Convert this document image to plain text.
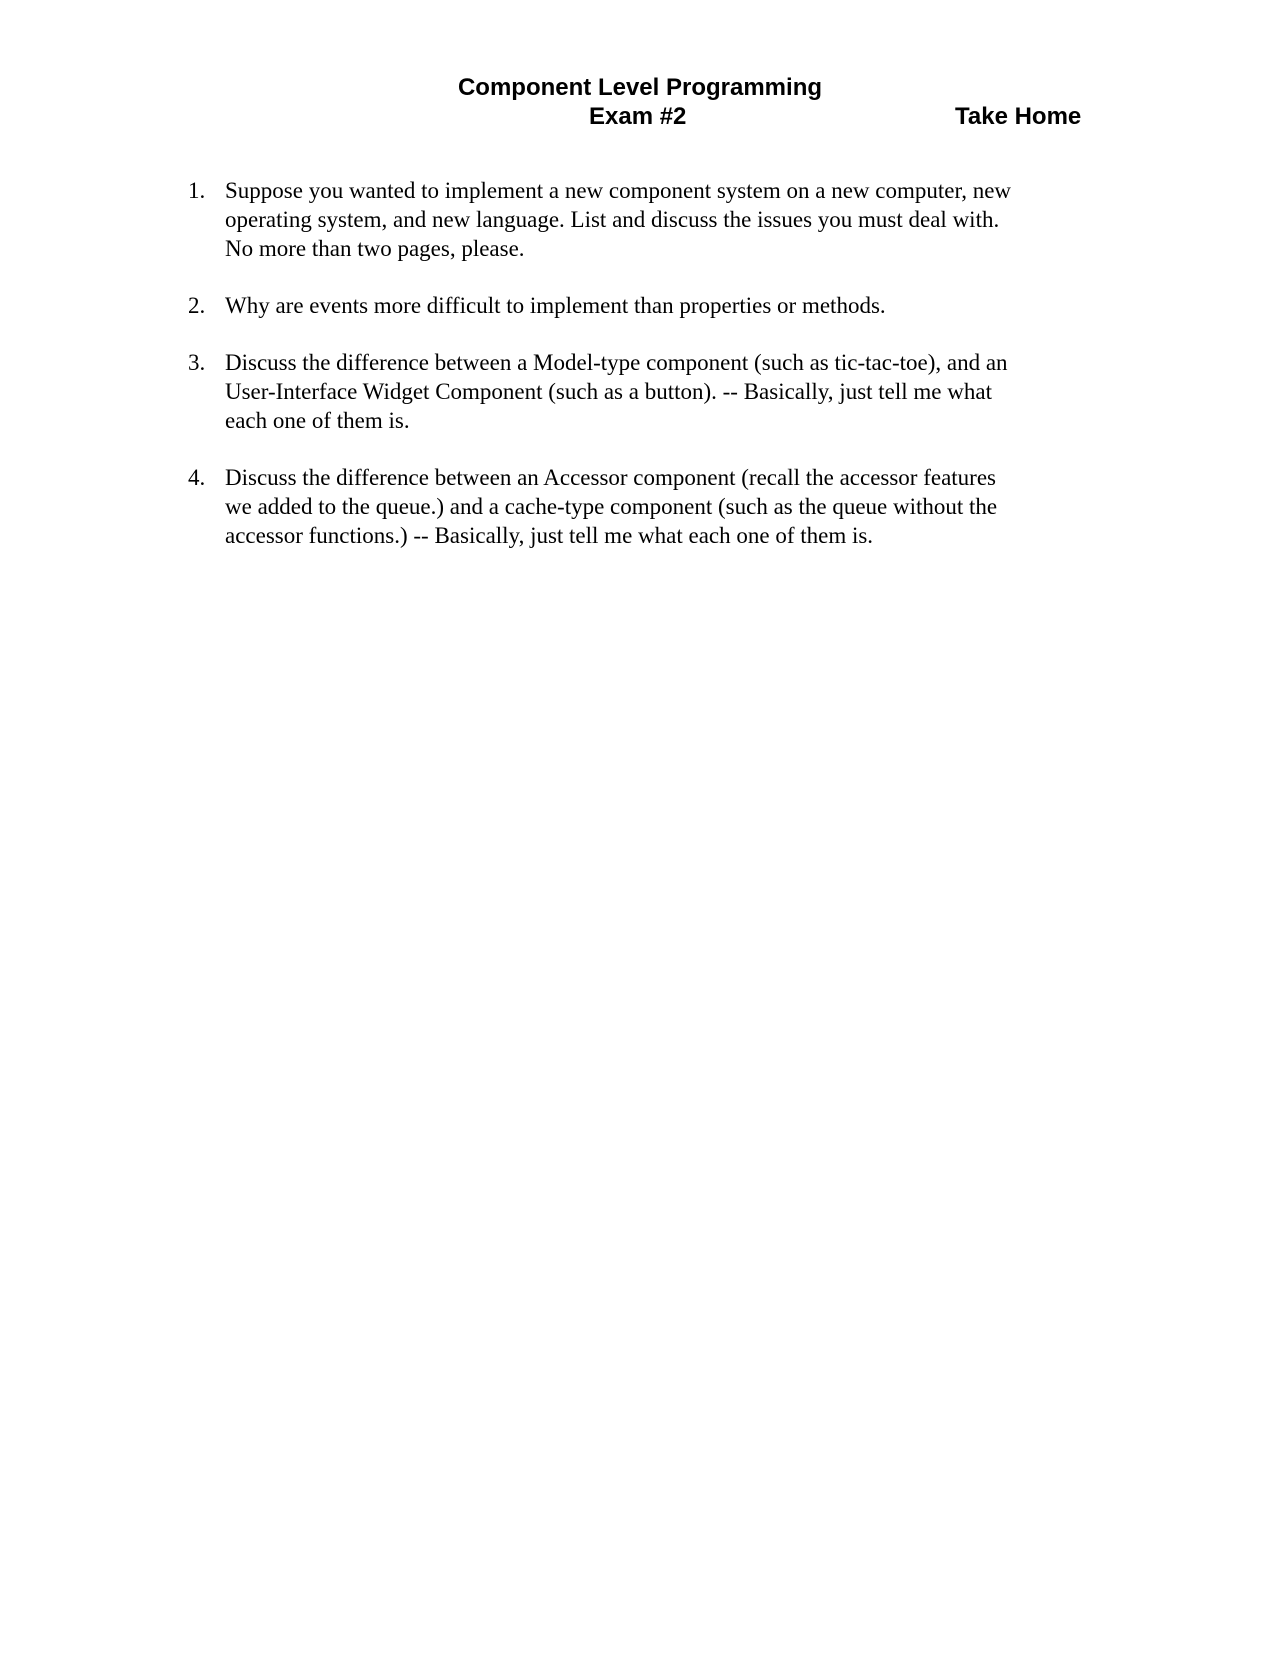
Component Level Programming
Exam #2	Take Home
1. Suppose you wanted to implement a new component system on a new computer, new
operating system, and new language. List and discuss the issues you must deal with.
No more than two pages, please.
2. Why are events more difficult to implement than properties or methods.
3. Discuss the difference between a Model-type component (such as tic-tac-toe), and an
User-Interface Widget Component (such as a button). -- Basically, just tell me what
each one of them is.
4. Discuss the difference between an Accessor component (recall the accessor features
we added to the queue.) and a cache-type component (such as the queue without the
accessor functions.) -- Basically, just tell me what each one of them is.
